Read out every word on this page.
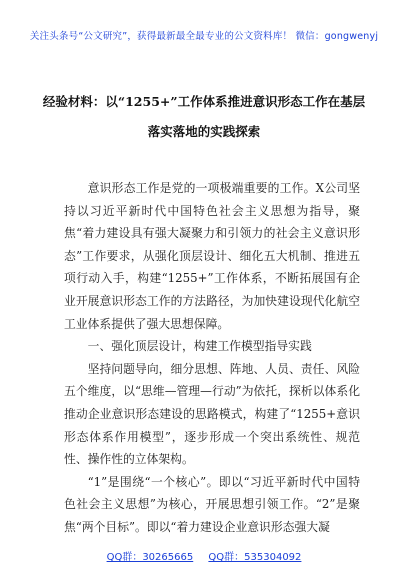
关注头条号“公文研究”，获得最新最全最专业的公文资料库！ 微信：gongwenyj
经验材料：以“1255+”工作体系推进意识形态工作在基层
落实落地的实践探索

意识形态工作是党的一项极端重要的工作。X公司坚持以习近平新时代中国特色社会主义思想为指导，聚焦“着力建设具有强大凝聚力和引领力的社会主义意识形态”工作要求，从强化顶层设计、细化五大机制、推进五项行动入手，构建“1255+”工作体系，不断拓展国有企业开展意识形态工作的方法路径，为加快建设现代化航空工业体系提供了强大思想保障。

一、强化顶层设计，构建工作模型指导实践

坚持问题导向，细分思想、阵地、人员、责任、风险五个维度，以“思维—管理—行动”为依托，探析以体系化推动企业意识形态建设的思路模式，构建了“1255+意识形态体系作用模型”，逐步形成一个突出系统性、规范性、操作性的立体架构。

“1”是围绕“一个核心”。即以“习近平新时代中国特色社会主义思想”为核心，开展思想引领工作。“2”是聚焦“两个目标”。即以“着力建设企业意识形态强大凝

QQ群：30265665 QQ群：535304092
